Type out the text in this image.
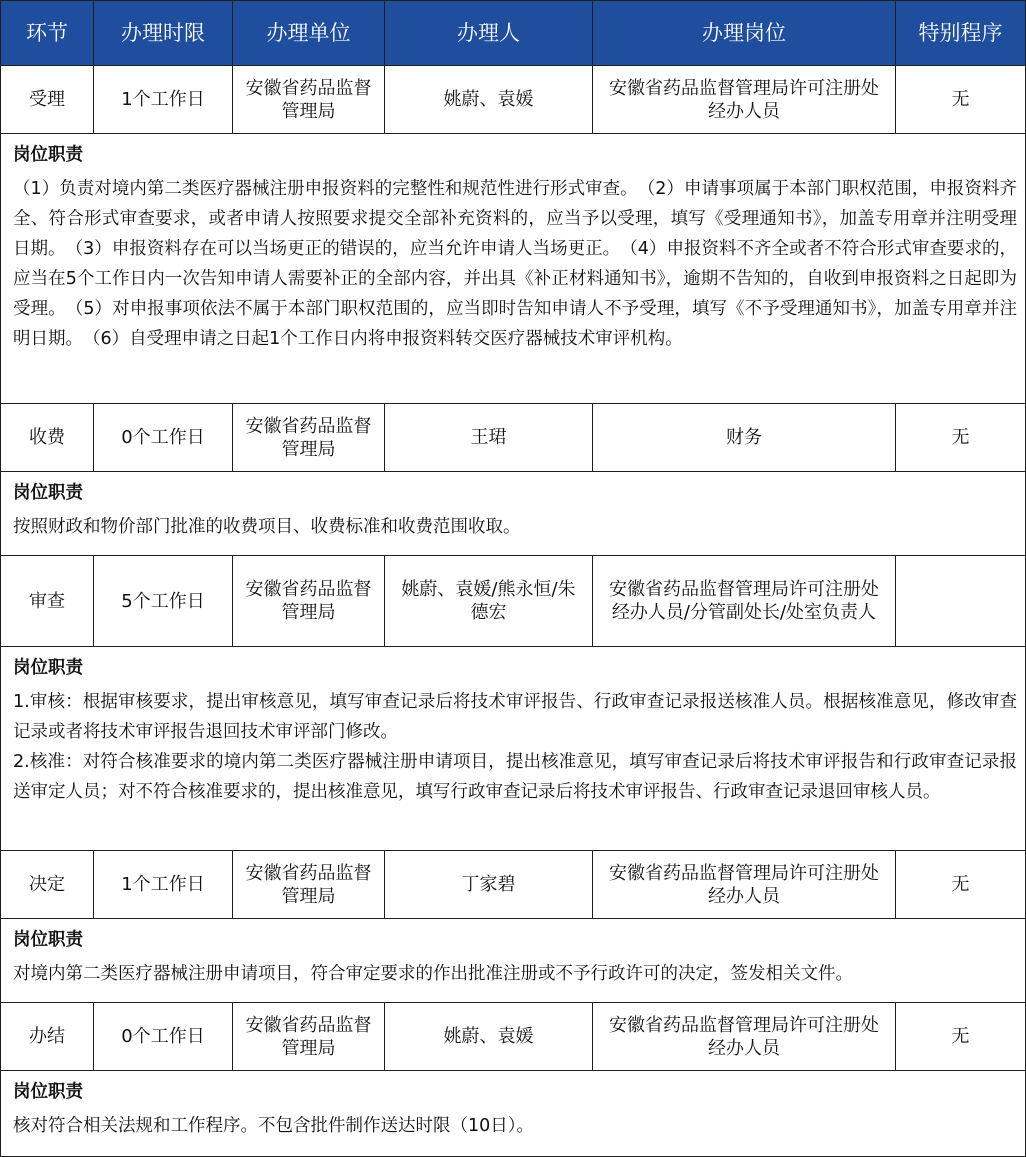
环节	办理时限	办理单位	办理人	办理岗位	特别程序
受理	1个工作日	安徽省药品监督管理局	姚蔚、袁媛	安徽省药品监督管理局许可注册处经办人员	无

岗位职责
（1）负责对境内第二类医疗器械注册申报资料的完整性和规范性进行形式审查。　（2）申请事项属于本部门职权范围，申报资料齐全、符合形式审查要求，或者申请人按照要求提交全部补充资料的，应当予以受理，填写《受理通知书》，加盖专用章并注明受理日期。　（3）申报资料存在可以当场更正的错误的，应当允许申请人当场更正。　（4）申报资料不齐全或者不符合形式审查要求的，应当在5个工作日内一次告知申请人需要补正的全部内容，并出具《补正材料通知书》，逾期不告知的，自收到申报资料之日起即为受理。　（5）对申报事项依法不属于本部门职权范围的，应当即时告知申请人不予受理，填写《不予受理通知书》，加盖专用章并注明日期。　（6）自受理申请之日起1个工作日内将申报资料转交医疗器械技术审评机构。					

收费	0个工作日	安徽省药品监督管理局	王珺	财务	无

岗位职责
按照财政和物价部门批准的收费项目、收费标准和收费范围收取。					

审查	5个工作日	安徽省药品监督管理局	姚蔚、袁媛/熊永恒/朱德宏	安徽省药品监督管理局许可注册处经办人员/分管副处长/处室负责人	

岗位职责
1.审核：根据审核要求，提出审核意见，填写审查记录后将技术审评报告、行政审查记录报送核准人员。根据核准意见，修改审查记录或者将技术审评报告退回技术审评部门修改。
2.核准：对符合核准要求的境内第二类医疗器械注册申请项目，提出核准意见，填写审查记录后将技术审评报告和行政审查记录报送审定人员；对不符合核准要求的，提出核准意见，填写行政审查记录后将技术审评报告、行政审查记录退回审核人员。					

决定	1个工作日	安徽省药品监督管理局	丁家碧	安徽省药品监督管理局许可注册处经办人员	无

岗位职责
对境内第二类医疗器械注册申请项目，符合审定要求的作出批准注册或不予行政许可的决定，签发相关文件。					

办结	0个工作日	安徽省药品监督管理局	姚蔚、袁媛	安徽省药品监督管理局许可注册处经办人员	无

岗位职责
核对符合相关法规和工作程序。不包含批件制作送达时限（10日）。					
